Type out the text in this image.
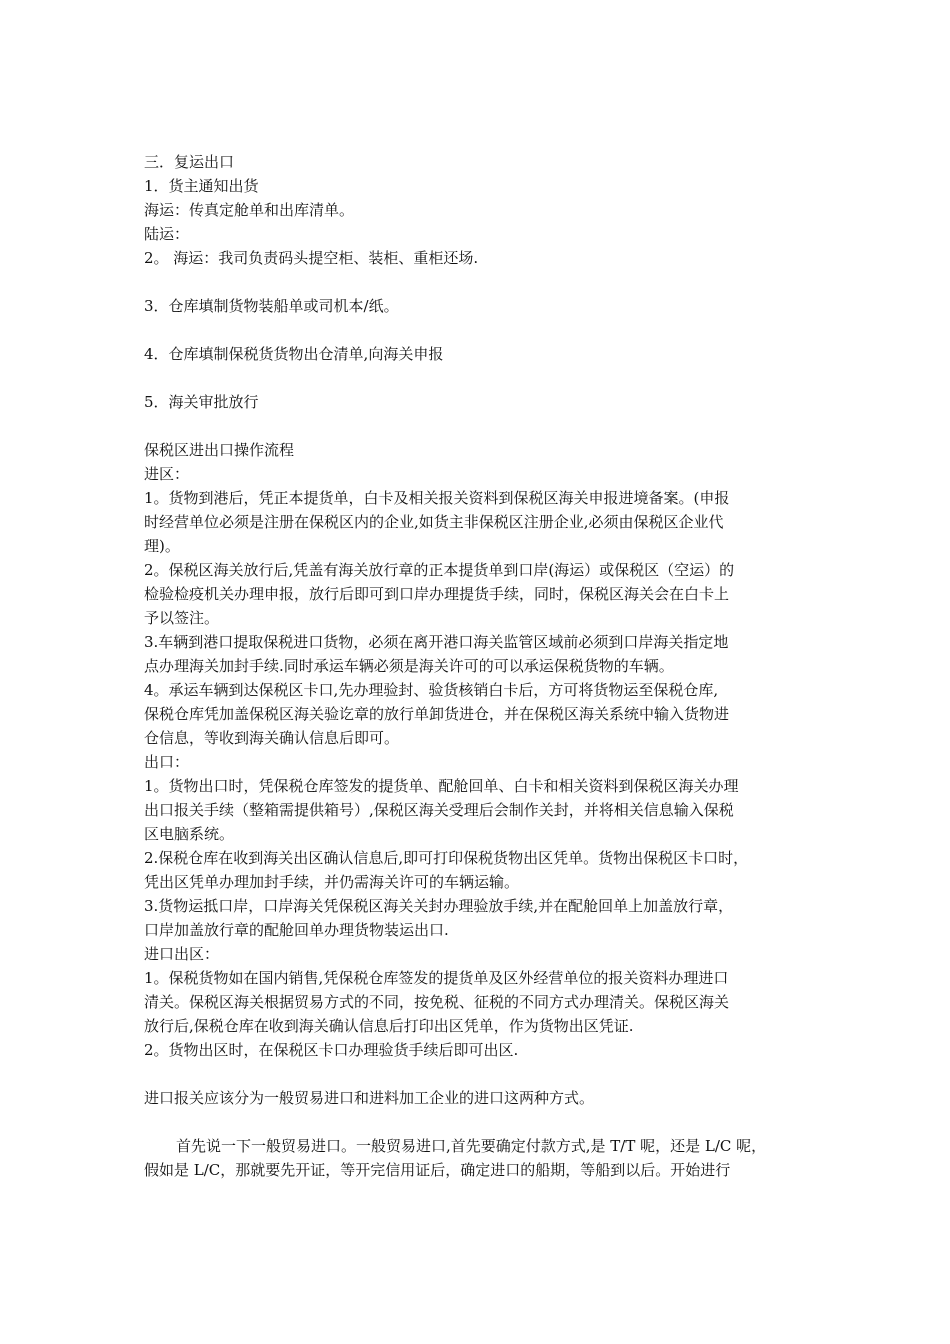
三．复运出口
1．货主通知出货
海运：传真定舱单和出库清单。
陆运：
2。 海运：我司负责码头提空柜、装柜、重柜还场.
3．仓库填制货物装船单或司机本/纸。
4．仓库填制保税货货物出仓清单,向海关申报
5．海关审批放行
保税区进出口操作流程
进区：
1。货物到港后，凭正本提货单，白卡及相关报关资料到保税区海关申报进境备案。(申报
时经营单位必须是注册在保税区内的企业,如货主非保税区注册企业,必须由保税区企业代
理)。
2。保税区海关放行后,凭盖有海关放行章的正本提货单到口岸(海运）或保税区（空运）的
检验检疫机关办理申报，放行后即可到口岸办理提货手续，同时，保税区海关会在白卡上
予以签注。
3.车辆到港口提取保税进口货物，必须在离开港口海关监管区域前必须到口岸海关指定地
点办理海关加封手续.同时承运车辆必须是海关许可的可以承运保税货物的车辆。
4。承运车辆到达保税区卡口,先办理验封、验货核销白卡后，方可将货物运至保税仓库,
保税仓库凭加盖保税区海关验讫章的放行单卸货进仓，并在保税区海关系统中输入货物进
仓信息，等收到海关确认信息后即可。
出口：
1。货物出口时，凭保税仓库签发的提货单、配舱回单、白卡和相关资料到保税区海关办理
出口报关手续（整箱需提供箱号）,保税区海关受理后会制作关封，并将相关信息输入保税
区电脑系统。
2.保税仓库在收到海关出区确认信息后,即可打印保税货物出区凭单。货物出保税区卡口时，
凭出区凭单办理加封手续，并仍需海关许可的车辆运输。
3.货物运抵口岸，口岸海关凭保税区海关关封办理验放手续,并在配舱回单上加盖放行章，
口岸加盖放行章的配舱回单办理货物装运出口.
进口出区：
1。保税货物如在国内销售,凭保税仓库签发的提货单及区外经营单位的报关资料办理进口
清关。保税区海关根据贸易方式的不同，按免税、征税的不同方式办理清关。保税区海关
放行后,保税仓库在收到海关确认信息后打印出区凭单，作为货物出区凭证.
2。货物出区时，在保税区卡口办理验货手续后即可出区.
进口报关应该分为一般贸易进口和进料加工企业的进口这两种方式。
首先说一下一般贸易进口。一般贸易进口,首先要确定付款方式,是 T/T 呢，还是 L/C 呢，
假如是 L/C，那就要先开证，等开完信用证后，确定进口的船期，等船到以后。开始进行
